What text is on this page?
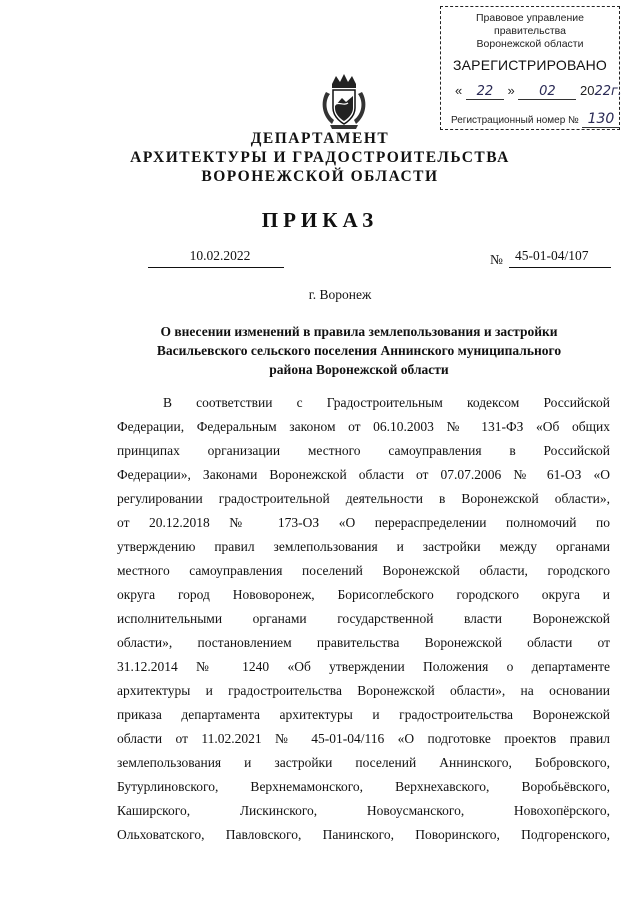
Правовое управление правительства
Воронежской области
ЗАРЕГИСТРИРОВАНО
« 22 » 02 2022г.
Регистрационный номер № 130
ДЕПАРТАМЕНТ
АРХИТЕКТУРЫ И ГРАДОСТРОИТЕЛЬСТВА
ВОРОНЕЖСКОЙ ОБЛАСТИ
ПРИКАЗ
10.02.2022	№ 45-01-04/107
г. Воронеж
О внесении изменений в правила землепользования и застройки
Васильевского сельского поселения Аннинского муниципального
района Воронежской области
В соответствии с Градостроительным кодексом Российской
Федерации, Федеральным законом от 06.10.2003 № 131-ФЗ «Об общих
принципах организации местного самоуправления в Российской
Федерации», Законами Воронежской области от 07.07.2006 № 61-ОЗ «О
регулировании градостроительной деятельности в Воронежской области»,
от 20.12.2018 № 173-ОЗ «О перераспределении полномочий по
утверждению правил землепользования и застройки между органами
местного самоуправления поселений Воронежской области, городского
округа город Нововоронеж, Борисоглебского городского округа и
исполнительными органами государственной власти Воронежской
области», постановлением правительства Воронежской области от
31.12.2014 № 1240 «Об утверждении Положения о департаменте
архитектуры и градостроительства Воронежской области», на основании
приказа департамента архитектуры и градостроительства Воронежской
области от 11.02.2021 № 45-01-04/116 «О подготовке проектов правил
землепользования и застройки поселений Аннинского, Бобровского,
Бутурлиновского, Верхнемамонского, Верхнехавского, Воробьёвского,
Каширского, Лискинского, Новоусманского, Новохопёрского,
Ольховатского, Павловского, Панинского, Поворинского, Подгоренского,
